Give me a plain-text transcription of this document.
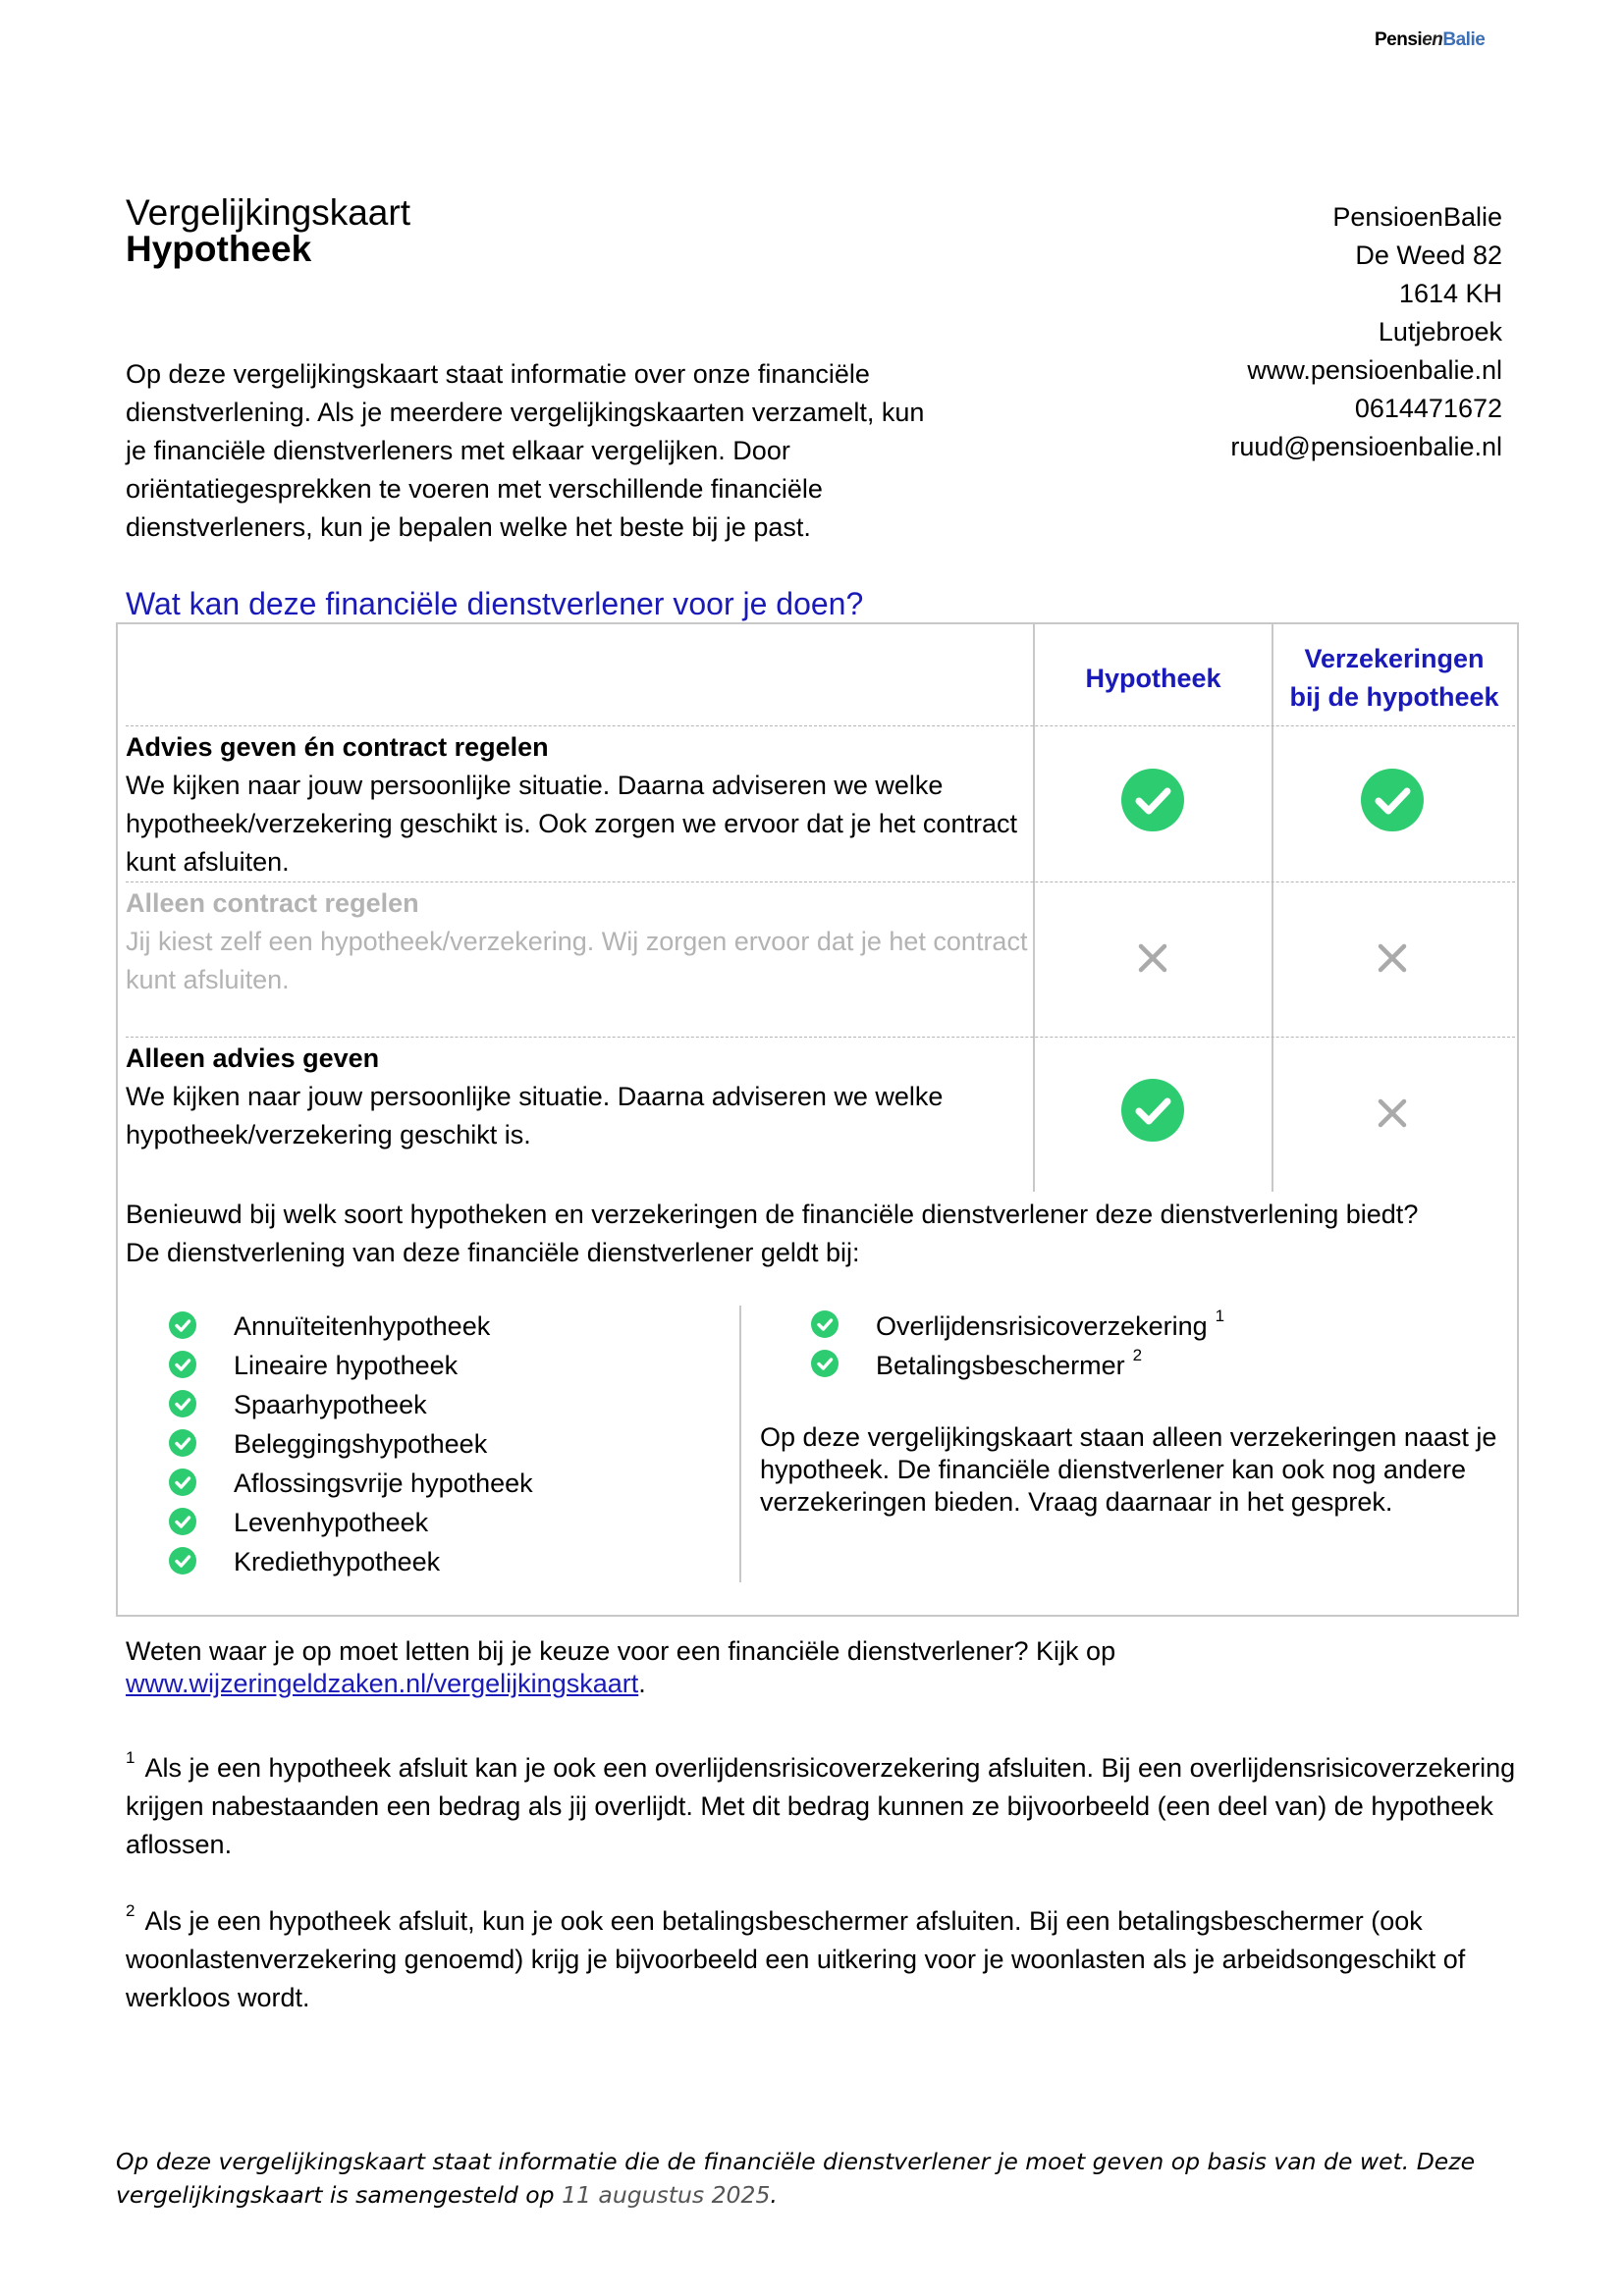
PensienBalie
Vergelijkingskaart
Hypotheek
PensioenBalie
De Weed 82
1614 KH
Lutjebroek
www.pensioenbalie.nl
0614471672
ruud@pensioenbalie.nl
Op deze vergelijkingskaart staat informatie over onze financiële dienstverlening. Als je meerdere vergelijkingskaarten verzamelt, kun je financiële dienstverleners met elkaar vergelijken. Door oriëntatiegesprekken te voeren met verschillende financiële dienstverleners, kun je bepalen welke het beste bij je past.
Wat kan deze financiële dienstverlener voor je doen?
Hypotheek
Verzekeringen
bij de hypotheek
Advies geven én contract regelen
We kijken naar jouw persoonlijke situatie. Daarna adviseren we welke hypotheek/verzekering geschikt is. Ook zorgen we ervoor dat je het contract kunt afsluiten.
Alleen contract regelen
Jij kiest zelf een hypotheek/verzekering. Wij zorgen ervoor dat je het contract kunt afsluiten.
Alleen advies geven
We kijken naar jouw persoonlijke situatie. Daarna adviseren we welke hypotheek/verzekering geschikt is.
Benieuwd bij welk soort hypotheken en verzekeringen de financiële dienstverlener deze dienstverlening biedt?
De dienstverlening van deze financiële dienstverlener geldt bij:
Annuïteitenhypotheek
Lineaire hypotheek
Spaarhypotheek
Beleggingshypotheek
Aflossingsvrije hypotheek
Levenhypotheek
Krediethypotheek
Overlijdensrisicoverzekering $^1$
Betalingsbeschermer $^2$
Op deze vergelijkingskaart staan alleen verzekeringen naast je hypotheek. De financiële dienstverlener kan ook nog andere verzekeringen bieden. Vraag daarnaar in het gesprek.
Weten waar je op moet letten bij je keuze voor een financiële dienstverlener? Kijk op
www.wijzeringeldzaken.nl/vergelijkingskaart.
$^1$ Als je een hypotheek afsluit kan je ook een overlijdensrisicoverzekering afsluiten. Bij een overlijdensrisicoverzekering krijgen nabestaanden een bedrag als jij overlijdt. Met dit bedrag kunnen ze bijvoorbeeld (een deel van) de hypotheek aflossen.
$^2$ Als je een hypotheek afsluit, kun je ook een betalingsbeschermer afsluiten. Bij een betalingsbeschermer (ook woonlastenverzekering genoemd) krijg je bijvoorbeeld een uitkering voor je woonlasten als je arbeidsongeschikt of werkloos wordt.
Op deze vergelijkingskaart staat informatie die de financiële dienstverlener je moet geven op basis van de wet. Deze vergelijkingskaart is samengesteld op 11 augustus 2025.
